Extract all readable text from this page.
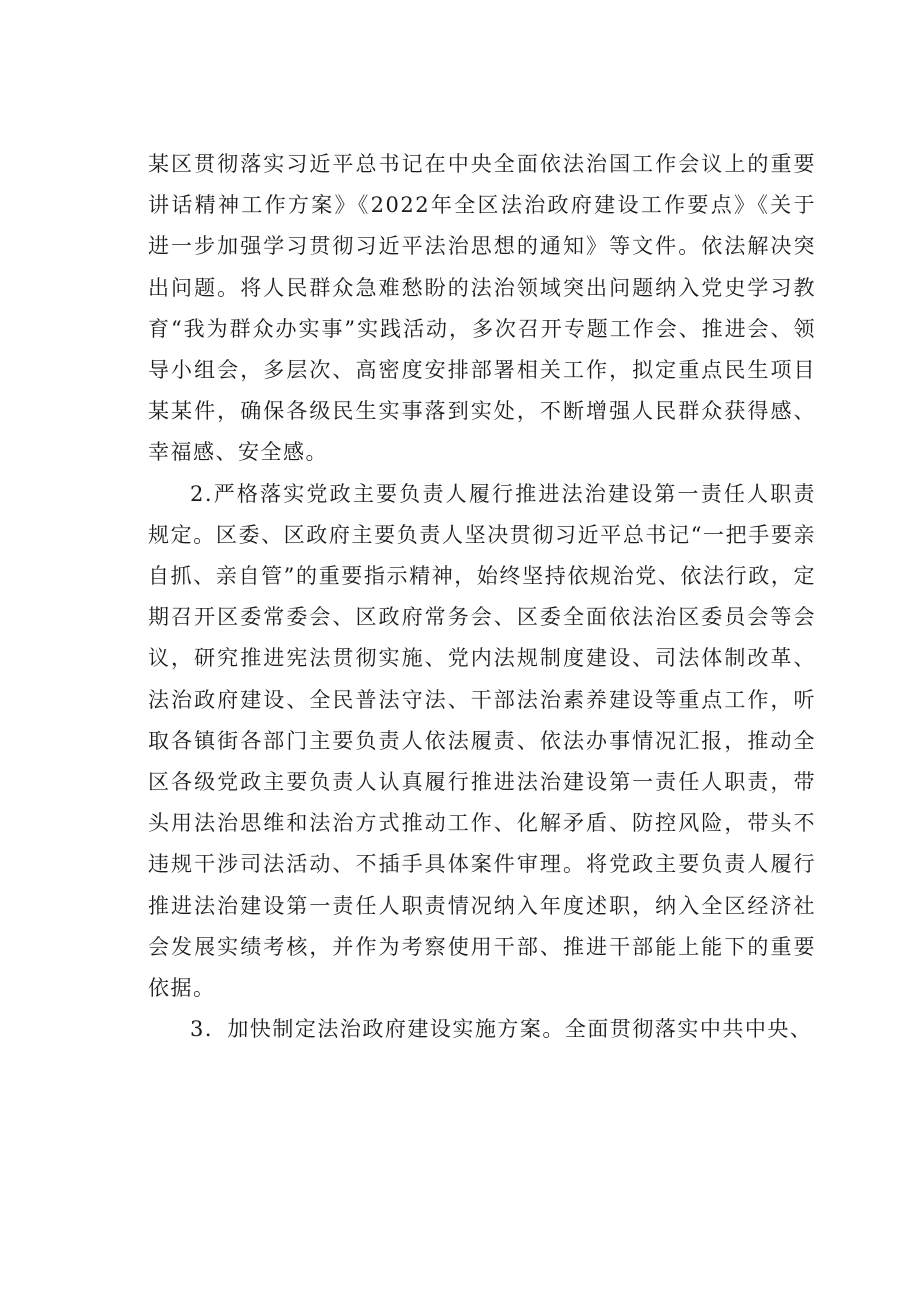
某区贯彻落实习近平总书记在中央全面依法治国工作会议上的重要讲话精神工作方案》《2022年全区法治政府建设工作要点》《关于进一步加强学习贯彻习近平法治思想的通知》等文件。依法解决突出问题。将人民群众急难愁盼的法治领域突出问题纳入党史学习教育“我为群众办实事”实践活动，多次召开专题工作会、推进会、领导小组会，多层次、高密度安排部署相关工作，拟定重点民生项目某某件，确保各级民生实事落到实处，不断增强人民群众获得感、幸福感、安全感。

2.严格落实党政主要负责人履行推进法治建设第一责任人职责规定。区委、区政府主要负责人坚决贯彻习近平总书记“一把手要亲自抓、亲自管”的重要指示精神，始终坚持依规治党、依法行政，定期召开区委常委会、区政府常务会、区委全面依法治区委员会等会议，研究推进宪法贯彻实施、党内法规制度建设、司法体制改革、法治政府建设、全民普法守法、干部法治素养建设等重点工作，听取各镇街各部门主要负责人依法履责、依法办事情况汇报，推动全区各级党政主要负责人认真履行推进法治建设第一责任人职责，带头用法治思维和法治方式推动工作、化解矛盾、防控风险，带头不违规干涉司法活动、不插手具体案件审理。将党政主要负责人履行推进法治建设第一责任人职责情况纳入年度述职，纳入全区经济社会发展实绩考核，并作为考察使用干部、推进干部能上能下的重要依据。

3．加快制定法治政府建设实施方案。全面贯彻落实中共中央、
